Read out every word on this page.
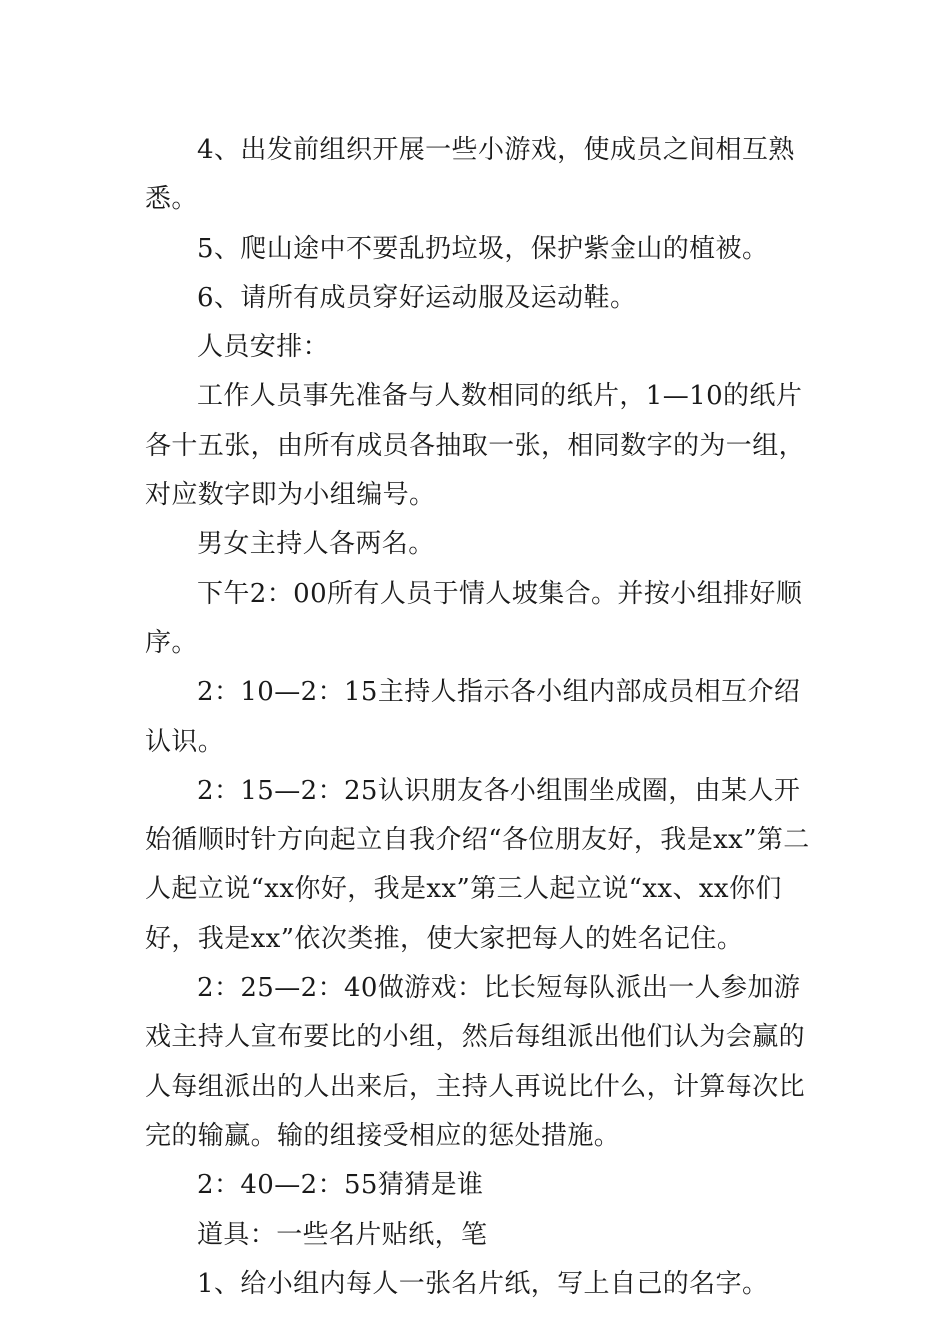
4、出发前组织开展一些小游戏，使成员之间相互熟悉。

5、爬山途中不要乱扔垃圾，保护紫金山的植被。

6、请所有成员穿好运动服及运动鞋。

人员安排：

工作人员事先准备与人数相同的纸片，1—10的纸片各十五张，由所有成员各抽取一张，相同数字的为一组，对应数字即为小组编号。

男女主持人各两名。

下午2：00所有人员于情人坡集合。并按小组排好顺序。

2：10—2：15主持人指示各小组内部成员相互介绍认识。

2：15—2：25认识朋友各小组围坐成圈，由某人开始循顺时针方向起立自我介绍“各位朋友好，我是xx”第二人起立说“xx你好，我是xx”第三人起立说“xx、xx你们好，我是xx”依次类推，使大家把每人的姓名记住。

2：25—2：40做游戏：比长短每队派出一人参加游戏主持人宣布要比的小组，然后每组派出他们认为会赢的人每组派出的人出来后，主持人再说比什么，计算每次比完的输赢。输的组接受相应的惩处措施。

2：40—2：55猜猜是谁

道具：一些名片贴纸，笔

1、给小组内每人一张名片纸，写上自己的名字。
